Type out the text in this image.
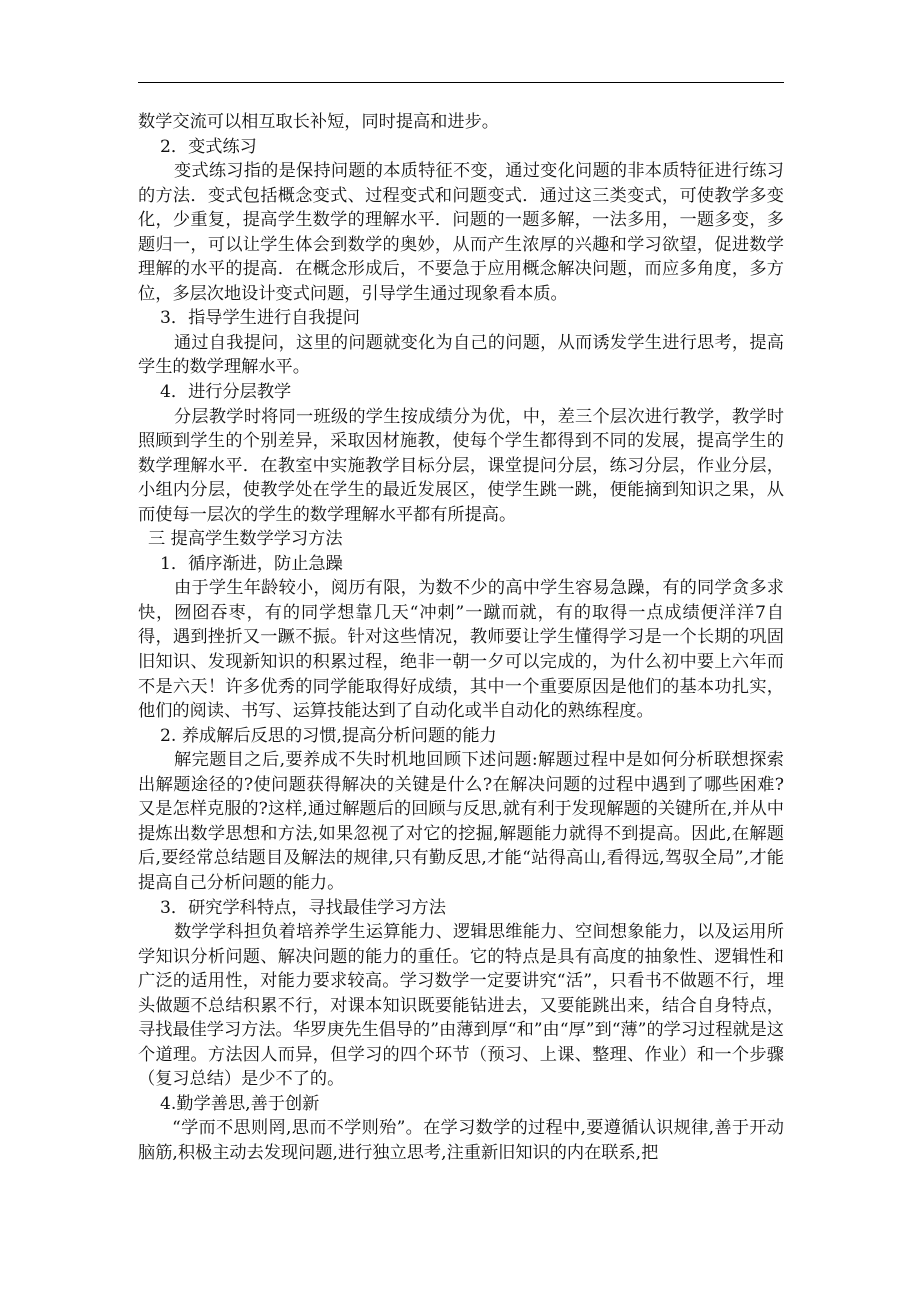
数学交流可以相互取长补短，同时提高和进步。

2．变式练习

变式练习指的是保持问题的本质特征不变，通过变化问题的非本质特征进行练习的方法．变式包括概念变式、过程变式和问题变式．通过这三类变式，可使教学多变化，少重复，提高学生数学的理解水平．问题的一题多解，一法多用，一题多变，多题归一，可以让学生体会到数学的奥妙，从而产生浓厚的兴趣和学习欲望，促进数学理解的水平的提高．在概念形成后，不要急于应用概念解决问题，而应多角度，多方位，多层次地设计变式问题，引导学生通过现象看本质。

3．指导学生进行自我提问

通过自我提问，这里的问题就变化为自己的问题，从而诱发学生进行思考，提高学生的数学理解水平。

4．进行分层教学

分层教学时将同一班级的学生按成绩分为优，中，差三个层次进行教学，教学时照顾到学生的个别差异，采取因材施教，使每个学生都得到不同的发展，提高学生的数学理解水平．在教室中实施教学目标分层，课堂提问分层，练习分层，作业分层，小组内分层，使教学处在学生的最近发展区，使学生跳一跳，便能摘到知识之果，从而使每一层次的学生的数学理解水平都有所提高。

三 提高学生数学学习方法

1．循序渐进，防止急躁

由于学生年龄较小，阅历有限，为数不少的高中学生容易急躁，有的同学贪多求快，囫囵吞枣，有的同学想靠几天“冲刺”一蹴而就，有的取得一点成绩便洋洋7自得，遇到挫折又一蹶不振。针对这些情况，教师要让学生懂得学习是一个长期的巩固旧知识、发现新知识的积累过程，绝非一朝一夕可以完成的，为什么初中要上六年而不是六天！许多优秀的同学能取得好成绩，其中一个重要原因是他们的基本功扎实，他们的阅读、书写、运算技能达到了自动化或半自动化的熟练程度。

2. 养成解后反思的习惯,提高分析问题的能力

解完题目之后,要养成不失时机地回顾下述问题:解题过程中是如何分析联想探索出解题途径的?使问题获得解决的关键是什么?在解决问题的过程中遇到了哪些困难?又是怎样克服的?这样,通过解题后的回顾与反思,就有利于发现解题的关键所在,并从中提炼出数学思想和方法,如果忽视了对它的挖掘,解题能力就得不到提高。因此,在解题后,要经常总结题目及解法的规律,只有勤反思,才能“站得高山,看得远,驾驭全局”,才能提高自己分析问题的能力。

3．研究学科特点，寻找最佳学习方法

数学学科担负着培养学生运算能力、逻辑思维能力、空间想象能力，以及运用所学知识分析问题、解决问题的能力的重任。它的特点是具有高度的抽象性、逻辑性和广泛的适用性，对能力要求较高。学习数学一定要讲究“活”，只看书不做题不行，埋头做题不总结积累不行，对课本知识既要能钻进去，又要能跳出来，结合自身特点，寻找最佳学习方法。华罗庚先生倡导的”由薄到厚“和”由“厚”到“薄”的学习过程就是这个道理。方法因人而异，但学习的四个环节（预习、上课、整理、作业）和一个步骤（复习总结）是少不了的。

4.勤学善思,善于创新

“学而不思则罔,思而不学则殆”。在学习数学的过程中,要遵循认识规律,善于开动脑筋,积极主动去发现问题,进行独立思考,注重新旧知识的内在联系,把
